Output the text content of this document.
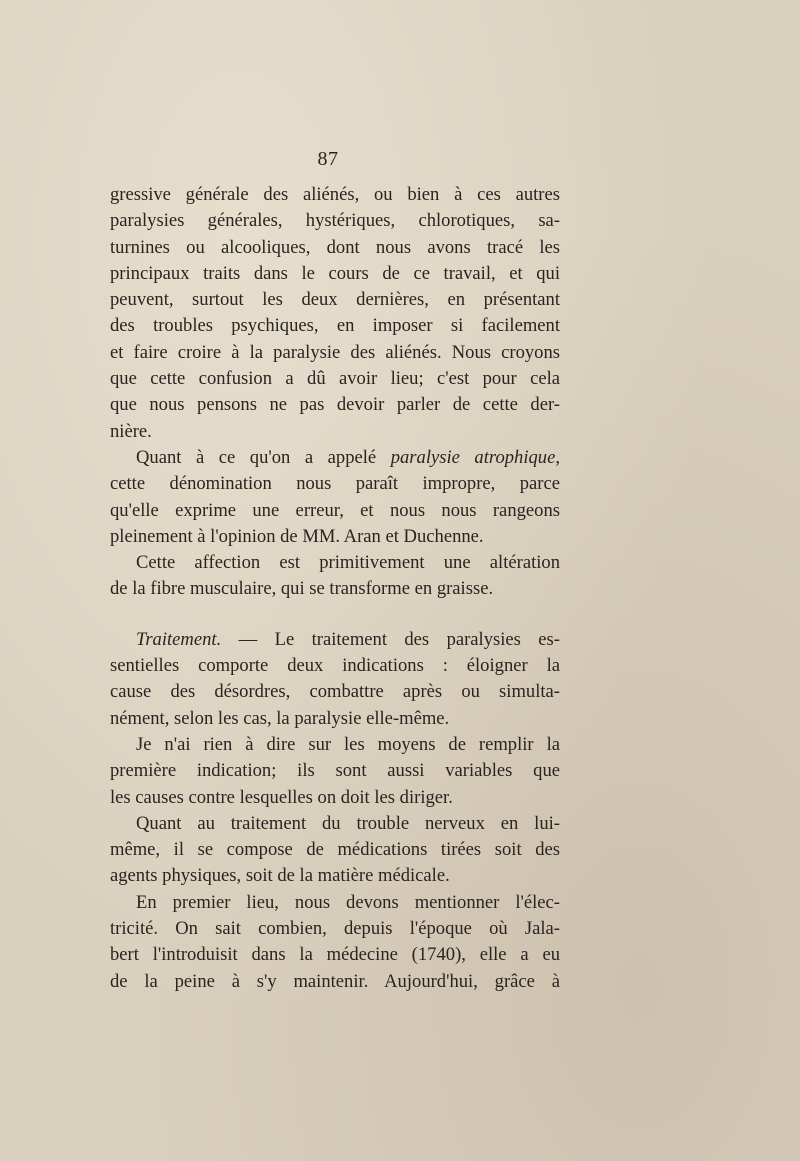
87
gressive générale des aliénés, ou bien à ces autres
paralysies générales, hystériques, chlorotiques, sa-
turnines ou alcooliques, dont nous avons tracé les
principaux traits dans le cours de ce travail, et qui
peuvent, surtout les deux dernières, en présentant
des troubles psychiques, en imposer si facilement
et faire croire à la paralysie des aliénés. Nous croyons
que cette confusion a dû avoir lieu; c'est pour cela
que nous pensons ne pas devoir parler de cette der-
nière.
Quant à ce qu'on a appelé paralysie atrophique,
cette dénomination nous paraît impropre, parce
qu'elle exprime une erreur, et nous nous rangeons
pleinement à l'opinion de MM. Aran et Duchenne.
Cette affection est primitivement une altération
de la fibre musculaire, qui se transforme en graisse.
Traitement. — Le traitement des paralysies es-
sentielles comporte deux indications : éloigner la
cause des désordres, combattre après ou simulta-
nément, selon les cas, la paralysie elle-même.
Je n'ai rien à dire sur les moyens de remplir la
première indication; ils sont aussi variables que
les causes contre lesquelles on doit les diriger.
Quant au traitement du trouble nerveux en lui-
même, il se compose de médications tirées soit des
agents physiques, soit de la matière médicale.
En premier lieu, nous devons mentionner l'élec-
tricité. On sait combien, depuis l'époque où Jala-
bert l'introduisit dans la médecine (1740), elle a eu
de la peine à s'y maintenir. Aujourd'hui, grâce à
